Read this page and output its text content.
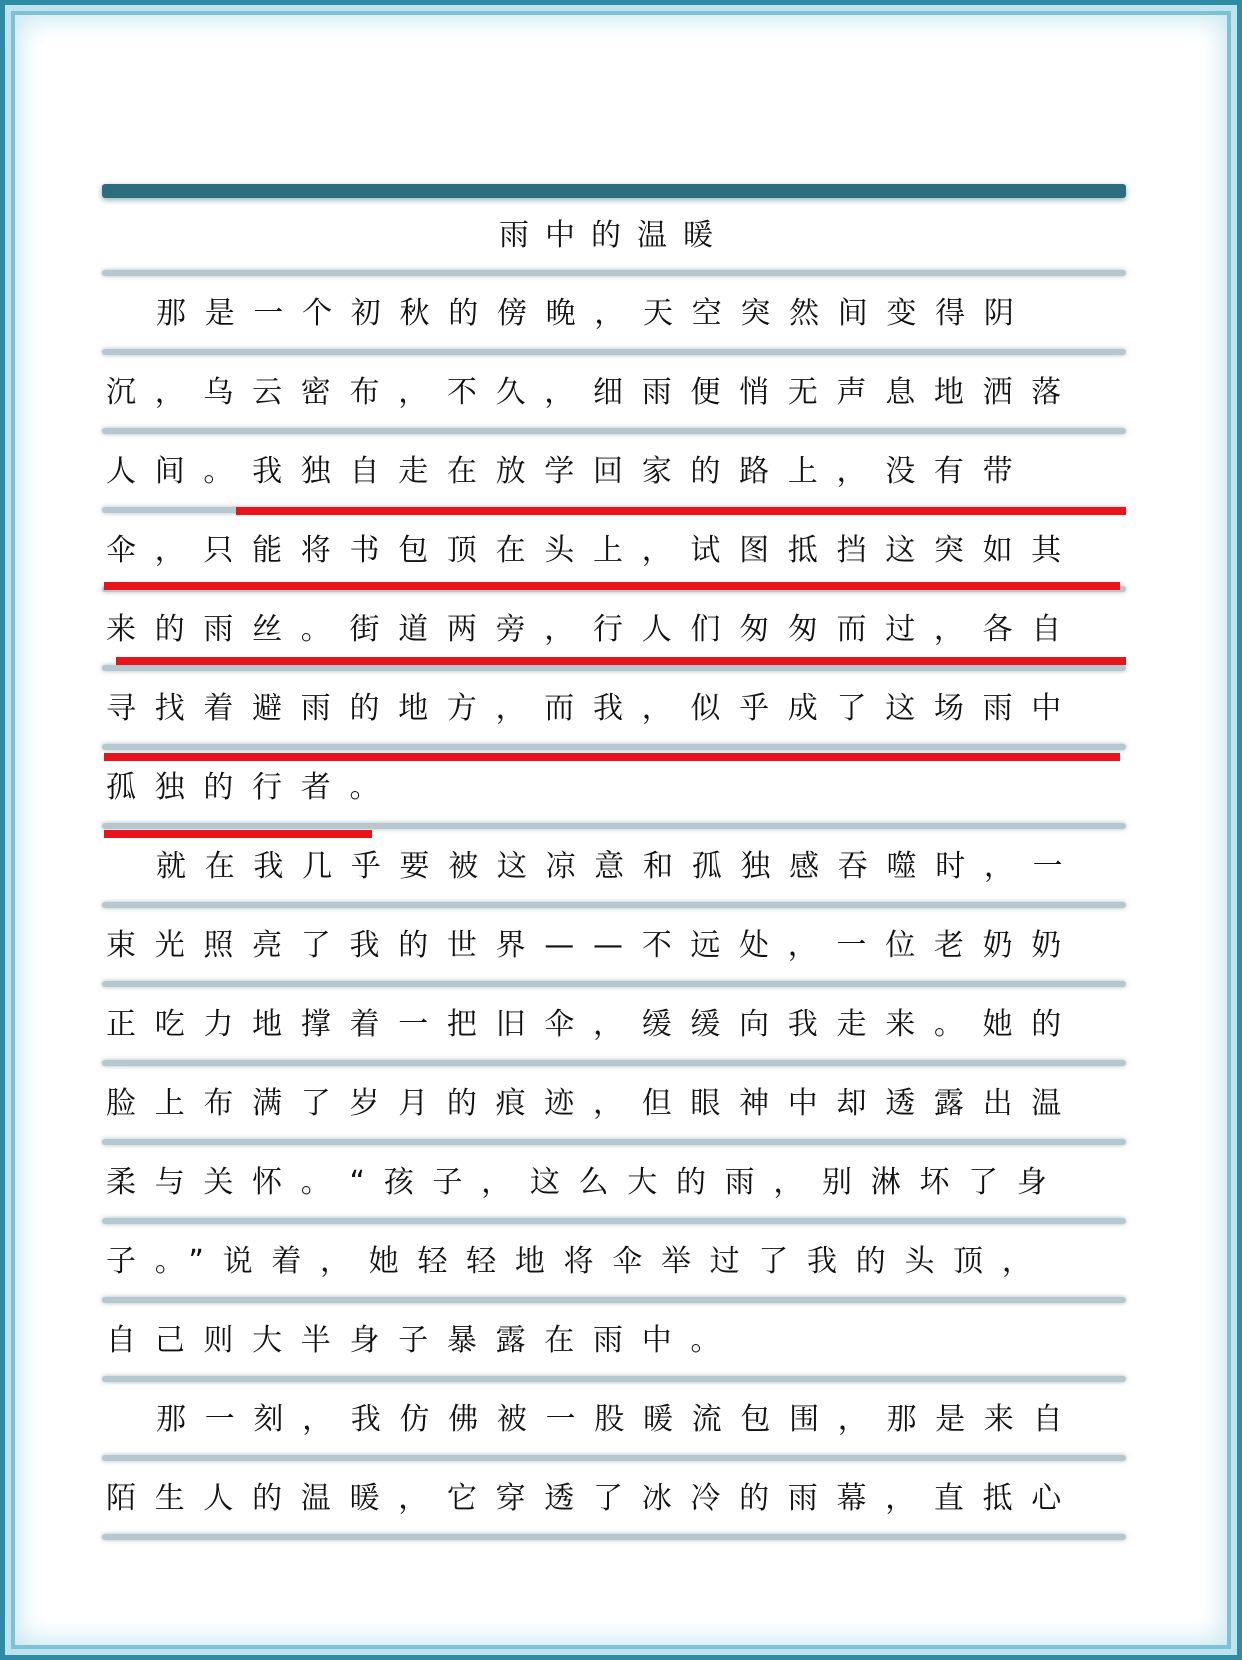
雨中的温暖
那是一个初秋的傍晚，天空突然间变得阴
沉，乌云密布，不久，细雨便悄无声息地洒落
人间。我独自走在放学回家的路上，没有带
伞，只能将书包顶在头上，试图抵挡这突如其
来的雨丝。街道两旁，行人们匆匆而过，各自
寻找着避雨的地方，而我，似乎成了这场雨中
孤独的行者。
就在我几乎要被这凉意和孤独感吞噬时，一
束光照亮了我的世界——不远处，一位老奶奶
正吃力地撑着一把旧伞，缓缓向我走来。她的
脸上布满了岁月的痕迹，但眼神中却透露出温
柔与关怀。“孩子，这么大的雨，别淋坏了身
子。”说着，她轻轻地将伞举过了我的头顶，
自己则大半身子暴露在雨中。
那一刻，我仿佛被一股暖流包围，那是来自
陌生人的温暖，它穿透了冰冷的雨幕，直抵心
